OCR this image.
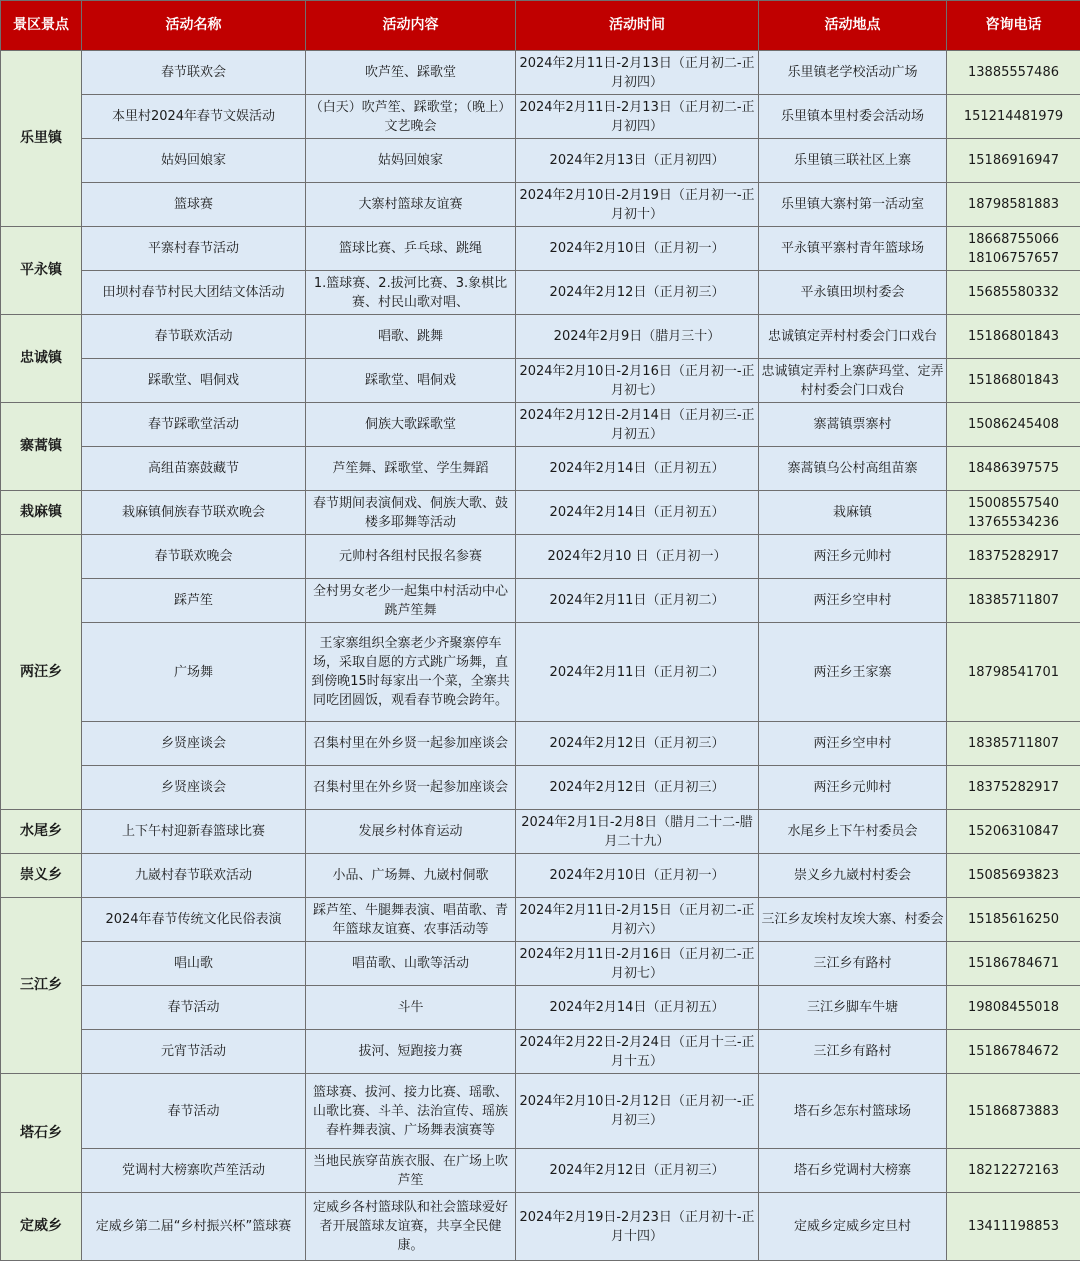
景区景点	活动名称	活动内容	活动时间	活动地点	咨询电话
乐里镇	春节联欢会	吹芦笙、踩歌堂	2024年2月11日-2月13日（正月初二-正月初四）	乐里镇老学校活动广场	13885557486
	本里村2024年春节文娱活动	（白天）吹芦笙、踩歌堂；（晚上）文艺晚会	2024年2月11日-2月13日（正月初二-正月初四）	乐里镇本里村委会活动场	151214481979
	姑妈回娘家	姑妈回娘家	2024年2月13日（正月初四）	乐里镇三联社区上寨	15186916947
	篮球赛	大寨村篮球友谊赛	2024年2月10日-2月19日（正月初一-正月初十）	乐里镇大寨村第一活动室	18798581883
平永镇	平寨村春节活动	篮球比赛、乒乓球、跳绳	2024年2月10日（正月初一）	平永镇平寨村青年篮球场	18668755066
18106757657
	田坝村春节村民大团结文体活动	1.篮球赛、2.拔河比赛、3.象棋比赛、村民山歌对唱、	2024年2月12日（正月初三）	平永镇田坝村委会	15685580332
忠诚镇	春节联欢活动	唱歌、跳舞	2024年2月9日（腊月三十）	忠诚镇定弄村村委会门口戏台	15186801843
	踩歌堂、唱侗戏	踩歌堂、唱侗戏	2024年2月10日-2月16日（正月初一-正月初七）	忠诚镇定弄村上寨萨玛堂、定弄村村委会门口戏台	15186801843
寨蒿镇	春节踩歌堂活动	侗族大歌踩歌堂	2024年2月12日-2月14日（正月初三-正月初五）	寨蒿镇票寨村	15086245408
	高组苗寨鼓藏节	芦笙舞、踩歌堂、学生舞蹈	2024年2月14日（正月初五）	寨蒿镇乌公村高组苗寨	18486397575
栽麻镇	栽麻镇侗族春节联欢晚会	春节期间表演侗戏、侗族大歌、鼓楼多耶舞等活动	2024年2月14日（正月初五）	栽麻镇	15008557540
13765534236
两汪乡	春节联欢晚会	元帅村各组村民报名参赛	2024年2月10 日（正月初一）	两汪乡元帅村	18375282917
	踩芦笙	全村男女老少一起集中村活动中心跳芦笙舞	2024年2月11日（正月初二）	两汪乡空申村	18385711807
	广场舞	王家寨组织全寨老少齐聚寨停车场，采取自愿的方式跳广场舞，直到傍晚15时每家出一个菜，全寨共同吃团圆饭，观看春节晚会跨年。	2024年2月11日（正月初二）	两汪乡王家寨	18798541701
	乡贤座谈会	召集村里在外乡贤一起参加座谈会	2024年2月12日（正月初三）	两汪乡空申村	18385711807
	乡贤座谈会	召集村里在外乡贤一起参加座谈会	2024年2月12日（正月初三）	两汪乡元帅村	18375282917
水尾乡	上下午村迎新春篮球比赛	发展乡村体育运动	2024年2月1日-2月8日（腊月二十二-腊月二十九）	水尾乡上下午村委员会	15206310847
崇义乡	九崴村春节联欢活动	小品、广场舞、九崴村侗歌	2024年2月10日（正月初一）	崇义乡九崴村村委会	15085693823
三江乡	2024年春节传统文化民俗表演	踩芦笙、牛腿舞表演、唱苗歌、青年篮球友谊赛、农事活动等	2024年2月11日-2月15日（正月初二-正月初六）	三江乡友埃村友埃大寨、村委会	15185616250
	唱山歌	唱苗歌、山歌等活动	2024年2月11日-2月16日（正月初二-正月初七）	三江乡有路村	15186784671
	春节活动	斗牛	2024年2月14日（正月初五）	三江乡脚车牛塘	19808455018
	元宵节活动	拔河、短跑接力赛	2024年2月22日-2月24日（正月十三-正月十五）	三江乡有路村	15186784672
塔石乡	春节活动	篮球赛、拔河、接力比赛、瑶歌、山歌比赛、斗羊、法治宣传、瑶族春杵舞表演、广场舞表演赛等	2024年2月10日-2月12日（正月初一-正月初三）	塔石乡怎东村篮球场	15186873883
	党调村大榜寨吹芦笙活动	当地民族穿苗族衣服、在广场上吹芦笙	2024年2月12日（正月初三）	塔石乡党调村大榜寨	18212272163
定威乡	定威乡第二届“乡村振兴杯”篮球赛	定威乡各村篮球队和社会篮球爱好者开展篮球友谊赛，共享全民健康。	2024年2月19日-2月23日（正月初十-正月十四）	定威乡定威乡定旦村	13411198853
